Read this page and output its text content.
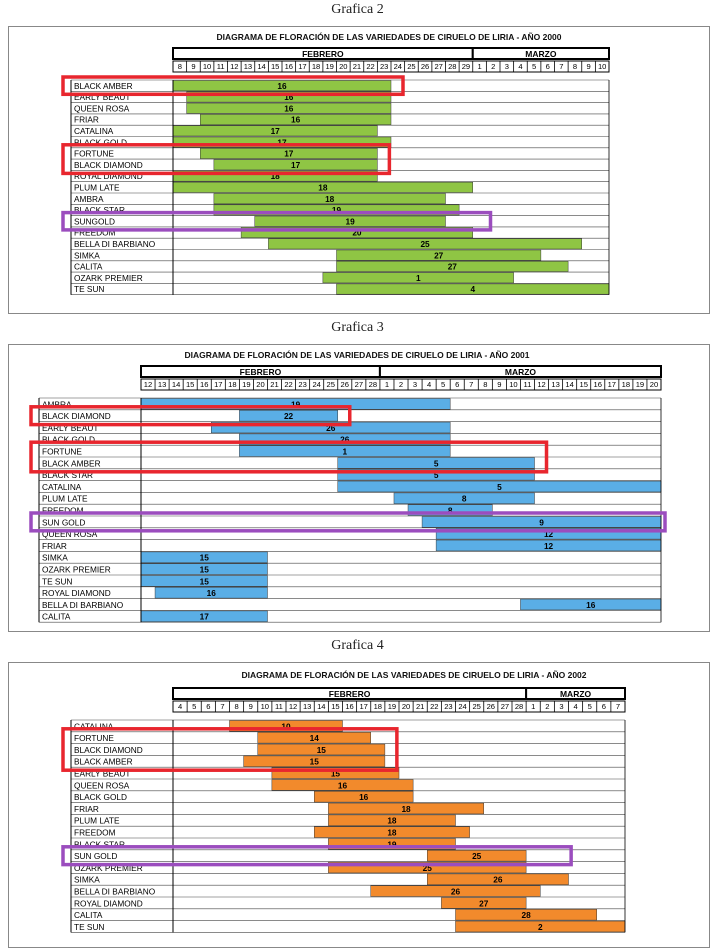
Grafica 2
DIAGRAMA DE FLORACIÓN DE LAS VARIEDADES DE CIRUELO DE LIRIA - AÑO 2000
FEBRERO	MARZO
8 9 10 11 12 13 14 15 16 17 18 19 20 21 22 23 24 25 26 27 28 29 1 2 3 4 5 6 7 8 9 10
BLACK AMBER	16
EARLY BEAUT	16
QUEEN ROSA	16
FRIAR	16
CATALINA	17
BLACK GOLD	17
FORTUNE	17
BLACK DIAMOND	17
ROYAL DIAMOND	18
PLUM LATE	18
AMBRA	18
BLACK STAR	19
SUNGOLD	19
FREEDOM	20
BELLA DI BARBIANO	25
SIMKA	27
CALITA	27
OZARK PREMIER	1
TE SUN	4
Grafica 3
DIAGRAMA DE FLORACIÓN DE LAS VARIEDADES DE CIRUELO DE LIRIA - AÑO 2001
FEBRERO	MARZO
12 13 14 15 16 17 18 19 20 21 22 23 24 25 26 27 28 1 2 3 4 5 6 7 8 9 10 11 12 13 14 15 16 17 18 19 20
AMBRA	19
BLACK DIAMOND	22
EARLY BEAUT	26
BLACK GOLD	26
FORTUNE	1
BLACK AMBER	5
BLACK STAR	5
CATALINA	5
PLUM LATE	8
FREEDOM	8
SUN GOLD	9
QUEEN ROSA	12
FRIAR	12
SIMKA	15
OZARK PREMIER	15
TE SUN	15
ROYAL DIAMOND	16
BELLA DI BARBIANO	16
CALITA	17
Grafica 4
DIAGRAMA DE FLORACIÓN DE LAS VARIEDADES DE CIRUELO DE LIRIA - AÑO 2002
FEBRERO	MARZO
4 5 6 7 8 9 10 11 12 13 14 15 16 17 18 19 20 21 22 23 24 25 26 27 28 1 2 3 4 5 6 7
CATALINA	10
FORTUNE	14
BLACK DIAMOND	15
BLACK AMBER	15
EARLY BEAUT	15
QUEEN ROSA	16
BLACK GOLD	16
FRIAR	18
PLUM LATE	18
FREEDOM	18
BLACK STAR	19
SUN GOLD	25
OZARK PREMIER	25
SIMKA	26
BELLA DI BARBIANO	26
ROYAL DIAMOND	27
CALITA	28
TE SUN	2
